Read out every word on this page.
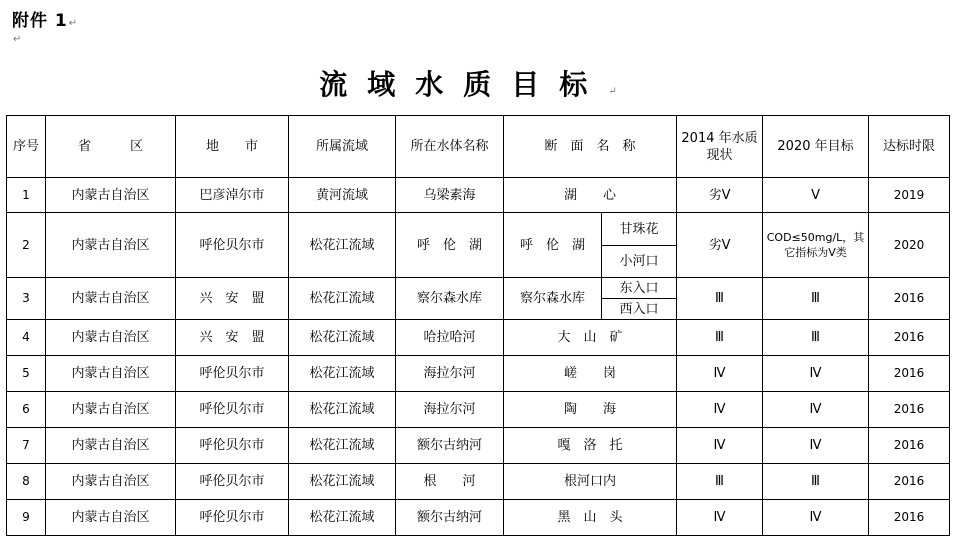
附件 1↵
↵
流域水质目标↵
序号	省　　　区	地　　市	所属流域	所在水体名称	断　面　名　称		2014 年水质现状	2020 年目标	达标时限
1	内蒙古自治区	巴彦淖尔市	黄河流域	乌梁素海	湖　　心		劣Ⅴ	Ⅴ	2019
2	内蒙古自治区	呼伦贝尔市	松花江流域	呼　伦　湖	呼　伦　湖	甘珠花	劣Ⅴ	COD≤50mg/L，其它指标为Ⅴ类	2020
						小河口			
3	内蒙古自治区	兴　安　盟	松花江流域	察尔森水库	察尔森水库	东入口	Ⅲ	Ⅲ	2016
						西入口			
4	内蒙古自治区	兴　安　盟	松花江流域	哈拉哈河	大　山　矿		Ⅲ	Ⅲ	2016
5	内蒙古自治区	呼伦贝尔市	松花江流域	海拉尔河	嵯　　岗		Ⅳ	Ⅳ	2016
6	内蒙古自治区	呼伦贝尔市	松花江流域	海拉尔河	陶　　海		Ⅳ	Ⅳ	2016
7	内蒙古自治区	呼伦贝尔市	松花江流域	额尔古纳河	嘎　洛　托		Ⅳ	Ⅳ	2016
8	内蒙古自治区	呼伦贝尔市	松花江流域	根　　河	根河口内		Ⅲ	Ⅲ	2016
9	内蒙古自治区	呼伦贝尔市	松花江流域	额尔古纳河	黑　山　头		Ⅳ	Ⅳ	2016
